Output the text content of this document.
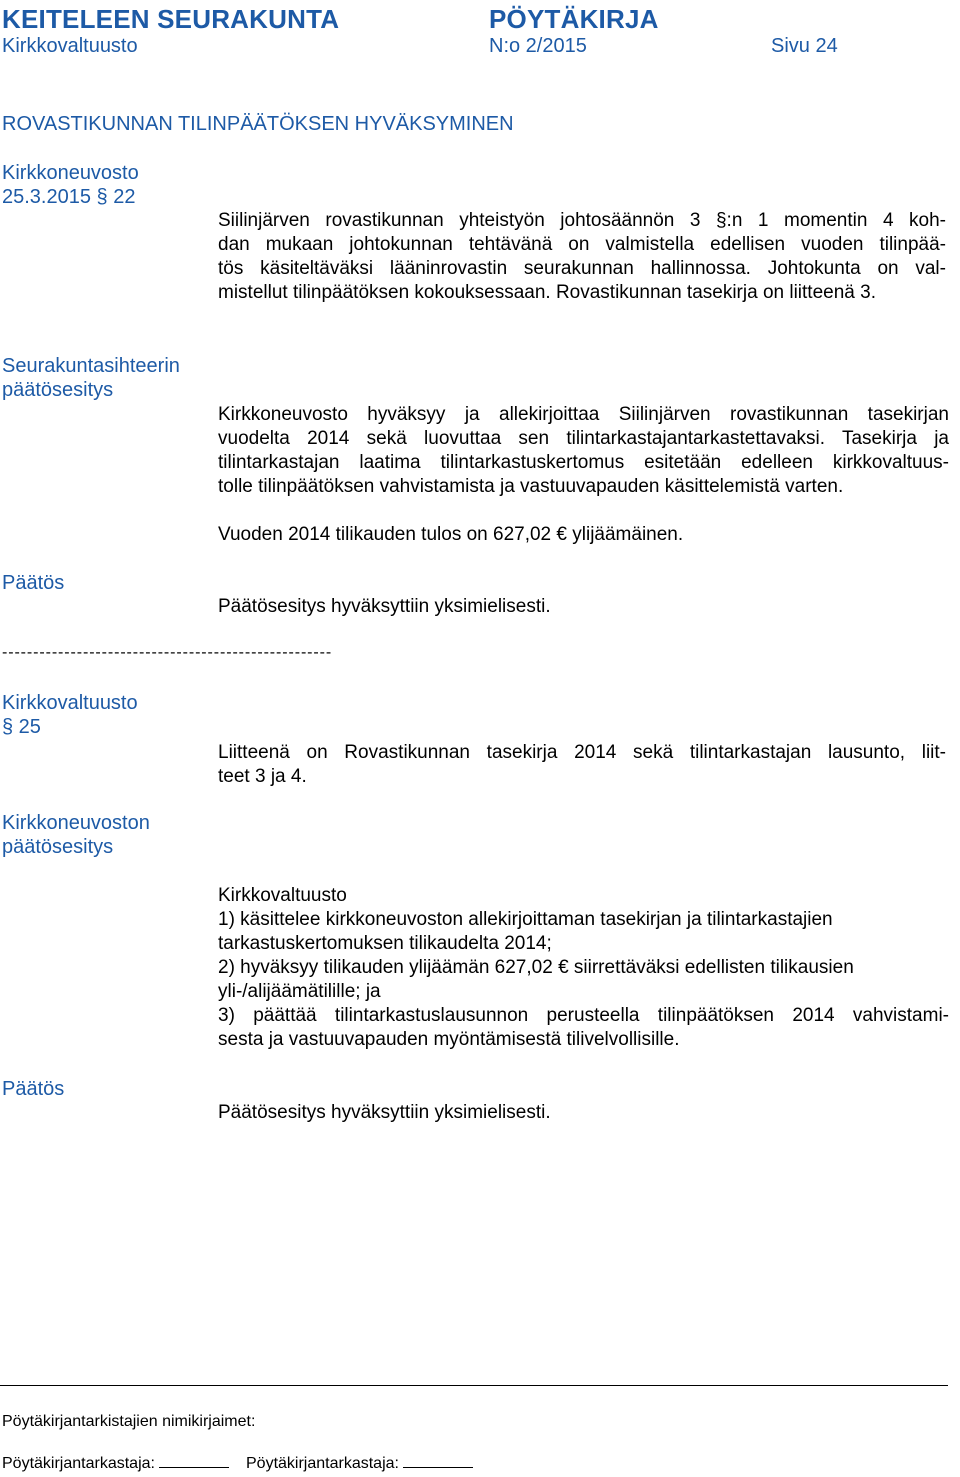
KEITELEEN SEURAKUNTA	PÖYTÄKIRJA
Kirkkovaltuusto	N:o 2/2015	Sivu 24
ROVASTIKUNNAN TILINPÄÄTÖKSEN HYVÄKSYMINEN
Kirkkoneuvosto
25.3.2015 § 22
Siilinjärven rovastikunnan yhteistyön johtosäännön 3 §:n 1 momentin 4 koh-
dan mukaan johtokunnan tehtävänä on valmistella edellisen vuoden tilinpää-
tös käsiteltäväksi lääninrovastin seurakunnan hallinnossa. Johtokunta on val-
mistellut tilinpäätöksen kokouksessaan. Rovastikunnan tasekirja on liitteenä 3.
Seurakuntasihteerin
päätösesitys
Kirkkoneuvosto hyväksyy ja allekirjoittaa Siilinjärven rovastikunnan tasekirjan
vuodelta 2014 sekä luovuttaa sen tilintarkastajantarkastettavaksi. Tasekirja ja
tilintarkastajan laatima tilintarkastuskertomus esitetään edelleen kirkkovaltuus-
tolle tilinpäätöksen vahvistamista ja vastuuvapauden käsittelemistä varten.
Vuoden 2014 tilikauden tulos on 627,02 € ylijäämäinen.
Päätös
Päätösesitys hyväksyttiin yksimielisesti.
-----------------------------------------------------
Kirkkovaltuusto
§ 25
Liitteenä on Rovastikunnan tasekirja 2014 sekä tilintarkastajan lausunto, liit-
teet 3 ja 4.
Kirkkoneuvoston
päätösesitys
Kirkkovaltuusto
1) käsittelee kirkkoneuvoston allekirjoittaman tasekirjan ja tilintarkastajien
tarkastuskertomuksen tilikaudelta 2014;
2) hyväksyy tilikauden ylijäämän 627,02 € siirrettäväksi edellisten tilikausien
yli-/alijäämätilille; ja
3) päättää tilintarkastuslausunnon perusteella tilinpäätöksen 2014 vahvistami-
sesta ja vastuuvapauden myöntämisestä tilivelvollisille.
Päätös
Päätösesitys hyväksyttiin yksimielisesti.
Pöytäkirjantarkistajien nimikirjaimet:
Pöytäkirjantarkastaja:	Pöytäkirjantarkastaja:
